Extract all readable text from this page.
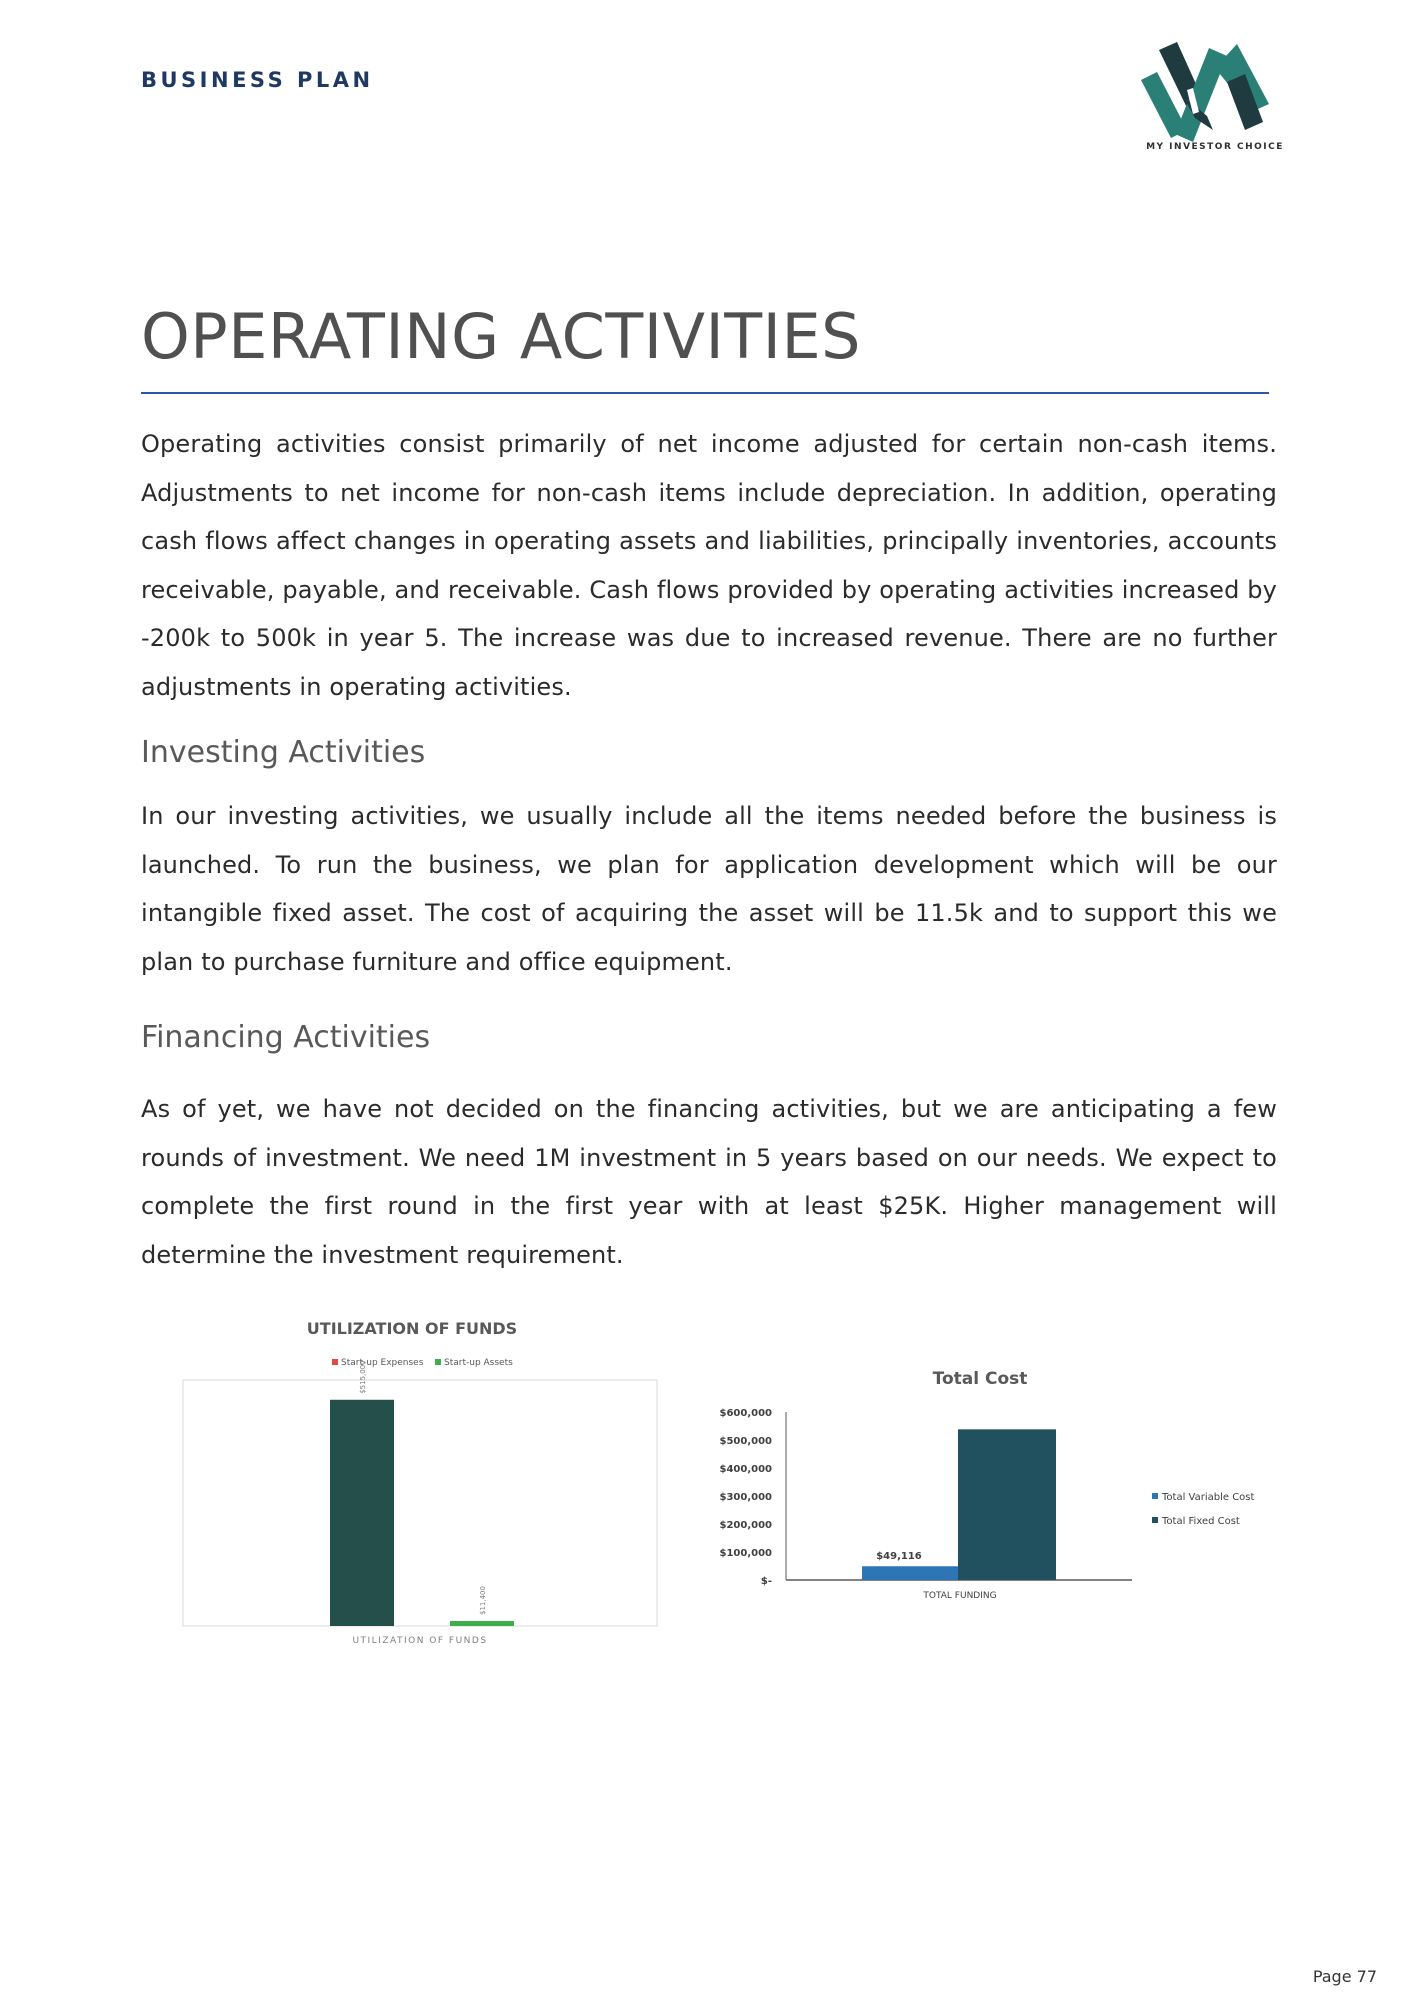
BUSINESS PLAN
MY INVESTOR CHOICE
OPERATING ACTIVITIES

Operating activities consist primarily of net income adjusted for certain non-cash items. Adjustments to net income for non-cash items include depreciation. In addition, operating cash flows affect changes in operating assets and liabilities, principally inventories, accounts receivable, payable, and receivable. Cash flows provided by operating activities increased by -200k to 500k in year 5. The increase was due to increased revenue. There are no further adjustments in operating activities.

Investing Activities

In our investing activities, we usually include all the items needed before the business is launched. To run the business, we plan for application development which will be our intangible fixed asset. The cost of acquiring the asset will be 11.5k and to support this we plan to purchase furniture and office equipment.

Financing Activities

As of yet, we have not decided on the financing activities, but we are anticipating a few rounds of investment. We need 1M investment in 5 years based on our needs. We expect to complete the first round in the first year with at least $25K. Higher management will determine the investment requirement.

UTILIZATION OF FUNDS
Start-up Expenses Start-up Assets
$515,000
$11,400
UTILIZATION OF FUNDS
Total Cost
$600,000
$500,000
$400,000
$300,000
$200,000
$100,000
$-
$49,116
TOTAL FUNDING
Total Variable Cost
Total Fixed Cost
Page 77
